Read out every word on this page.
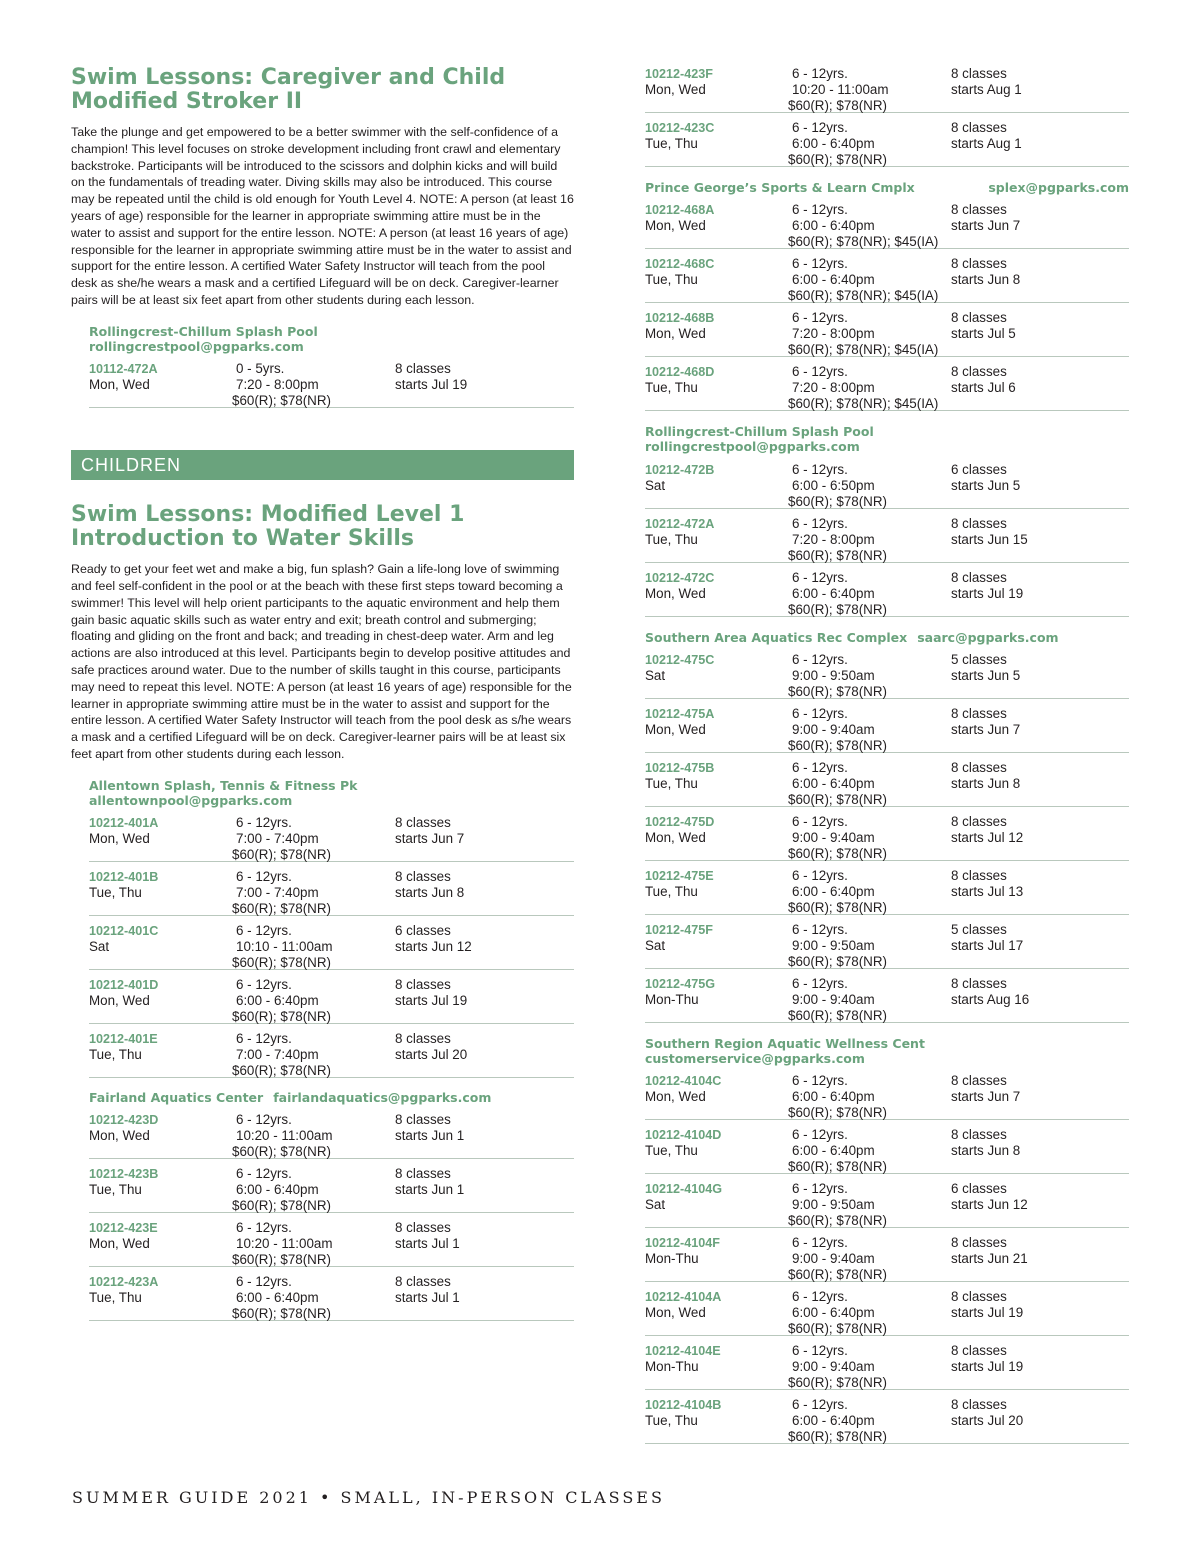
Swim Lessons: Caregiver and Child Modified Stroker II

Take the plunge and get empowered to be a better swimmer with the self-confidence of a champion! This level focuses on stroke development including front crawl and elementary backstroke. Participants will be introduced to the scissors and dolphin kicks and will build on the fundamentals of treading water. Diving skills may also be introduced. This course may be repeated until the child is old enough for Youth Level 4. NOTE: A person (at least 16 years of age) responsible for the learner in appropriate swimming attire must be in the water to assist and support for the entire lesson. NOTE: A person (at least 16 years of age) responsible for the learner in appropriate swimming attire must be in the water to assist and support for the entire lesson. A certified Water Safety Instructor will teach from the pool desk as she/he wears a mask and a certified Lifeguard will be on deck. Caregiver-learner pairs will be at least six feet apart from other students during each lesson.

Rollingcrest-Chillum Splash Pool
rollingcrestpool@pgparks.com
10112-472A
Mon, Wed
0 - 5yrs.
7:20 - 8:00pm
$60(R); $78(NR)
8 classes
starts Jul 19
CHILDREN
Swim Lessons: Modified Level 1 Introduction to Water Skills

Ready to get your feet wet and make a big, fun splash? Gain a life-long love of swimming and feel self-confident in the pool or at the beach with these first steps toward becoming a swimmer! This level will help orient participants to the aquatic environment and help them gain basic aquatic skills such as water entry and exit; breath control and submerging; floating and gliding on the front and back; and treading in chest-deep water. Arm and leg actions are also introduced at this level. Participants begin to develop positive attitudes and safe practices around water. Due to the number of skills taught in this course, participants may need to repeat this level. NOTE: A person (at least 16 years of age) responsible for the learner in appropriate swimming attire must be in the water to assist and support for the entire lesson. A certified Water Safety Instructor will teach from the pool desk as s/he wears a mask and a certified Lifeguard will be on deck. Caregiver-learner pairs will be at least six feet apart from other students during each lesson.

Allentown Splash, Tennis & Fitness Pk
allentownpool@pgparks.com
10212-401A
Mon, Wed
6 - 12yrs.
7:00 - 7:40pm
$60(R); $78(NR)
8 classes
starts Jun 7
10212-401B
Tue, Thu
6 - 12yrs.
7:00 - 7:40pm
$60(R); $78(NR)
8 classes
starts Jun 8
10212-401C
Sat
6 - 12yrs.
10:10 - 11:00am
$60(R); $78(NR)
6 classes
starts Jun 12
10212-401D
Mon, Wed
6 - 12yrs.
6:00 - 6:40pm
$60(R); $78(NR)
8 classes
starts Jul 19
10212-401E
Tue, Thu
6 - 12yrs.
7:00 - 7:40pm
$60(R); $78(NR)
8 classes
starts Jul 20
Fairland Aquatics Center fairlandaquatics@pgparks.com
10212-423D
Mon, Wed
6 - 12yrs.
10:20 - 11:00am
$60(R); $78(NR)
8 classes
starts Jun 1
10212-423B
Tue, Thu
6 - 12yrs.
6:00 - 6:40pm
$60(R); $78(NR)
8 classes
starts Jun 1
10212-423E
Mon, Wed
6 - 12yrs.
10:20 - 11:00am
$60(R); $78(NR)
8 classes
starts Jul 1
10212-423A
Tue, Thu
6 - 12yrs.
6:00 - 6:40pm
$60(R); $78(NR)
8 classes
starts Jul 1
10212-423F
Mon, Wed
6 - 12yrs.
10:20 - 11:00am
$60(R); $78(NR)
8 classes
starts Aug 1
10212-423C
Tue, Thu
6 - 12yrs.
6:00 - 6:40pm
$60(R); $78(NR)
8 classes
starts Aug 1
Prince George’s Sports & Learn Cmplx	splex@pgparks.com
10212-468A
Mon, Wed
6 - 12yrs.
6:00 - 6:40pm
$60(R); $78(NR); $45(IA)
8 classes
starts Jun 7
10212-468C
Tue, Thu
6 - 12yrs.
6:00 - 6:40pm
$60(R); $78(NR); $45(IA)
8 classes
starts Jun 8
10212-468B
Mon, Wed
6 - 12yrs.
7:20 - 8:00pm
$60(R); $78(NR); $45(IA)
8 classes
starts Jul 5
10212-468D
Tue, Thu
6 - 12yrs.
7:20 - 8:00pm
$60(R); $78(NR); $45(IA)
8 classes
starts Jul 6
Rollingcrest-Chillum Splash Pool
rollingcrestpool@pgparks.com
10212-472B
Sat
6 - 12yrs.
6:00 - 6:50pm
$60(R); $78(NR)
6 classes
starts Jun 5
10212-472A
Tue, Thu
6 - 12yrs.
7:20 - 8:00pm
$60(R); $78(NR)
8 classes
starts Jun 15
10212-472C
Mon, Wed
6 - 12yrs.
6:00 - 6:40pm
$60(R); $78(NR)
8 classes
starts Jul 19
Southern Area Aquatics Rec Complex saarc@pgparks.com
10212-475C
Sat
6 - 12yrs.
9:00 - 9:50am
$60(R); $78(NR)
5 classes
starts Jun 5
10212-475A
Mon, Wed
6 - 12yrs.
9:00 - 9:40am
$60(R); $78(NR)
8 classes
starts Jun 7
10212-475B
Tue, Thu
6 - 12yrs.
6:00 - 6:40pm
$60(R); $78(NR)
8 classes
starts Jun 8
10212-475D
Mon, Wed
6 - 12yrs.
9:00 - 9:40am
$60(R); $78(NR)
8 classes
starts Jul 12
10212-475E
Tue, Thu
6 - 12yrs.
6:00 - 6:40pm
$60(R); $78(NR)
8 classes
starts Jul 13
10212-475F
Sat
6 - 12yrs.
9:00 - 9:50am
$60(R); $78(NR)
5 classes
starts Jul 17
10212-475G
Mon-Thu
6 - 12yrs.
9:00 - 9:40am
$60(R); $78(NR)
8 classes
starts Aug 16
Southern Region Aquatic Wellness Cent
customerservice@pgparks.com
10212-4104C
Mon, Wed
6 - 12yrs.
6:00 - 6:40pm
$60(R); $78(NR)
8 classes
starts Jun 7
10212-4104D
Tue, Thu
6 - 12yrs.
6:00 - 6:40pm
$60(R); $78(NR)
8 classes
starts Jun 8
10212-4104G
Sat
6 - 12yrs.
9:00 - 9:50am
$60(R); $78(NR)
6 classes
starts Jun 12
10212-4104F
Mon-Thu
6 - 12yrs.
9:00 - 9:40am
$60(R); $78(NR)
8 classes
starts Jun 21
10212-4104A
Mon, Wed
6 - 12yrs.
6:00 - 6:40pm
$60(R); $78(NR)
8 classes
starts Jul 19
10212-4104E
Mon-Thu
6 - 12yrs.
9:00 - 9:40am
$60(R); $78(NR)
8 classes
starts Jul 19
10212-4104B
Tue, Thu
6 - 12yrs.
6:00 - 6:40pm
$60(R); $78(NR)
8 classes
starts Jul 20
SUMMER GUIDE 2021 • SMALL, IN-PERSON CLASSES
